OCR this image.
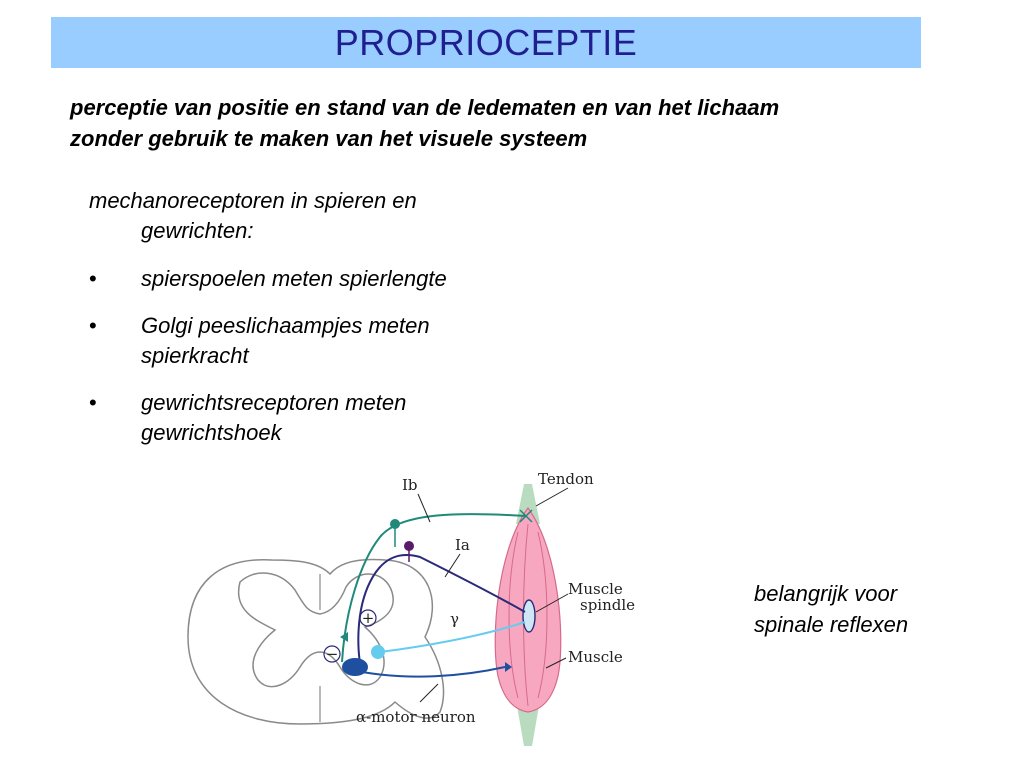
PROPRIOCEPTIE
perceptie van positie en stand van de ledematen en van het lichaam
zonder gebruik te maken van het visuele systeem
mechanoreceptoren in spieren en
gewrichten:
• spierspoelen meten spierlengte
• Golgi peeslichaampjes meten spierkracht
• gewrichtsreceptoren meten gewrichtshoek
belangrijk voor
spinale reflexen
+
−
Ib
Ia
γ
Tendon
Muscle
spindle
Muscle
α-motor neuron
